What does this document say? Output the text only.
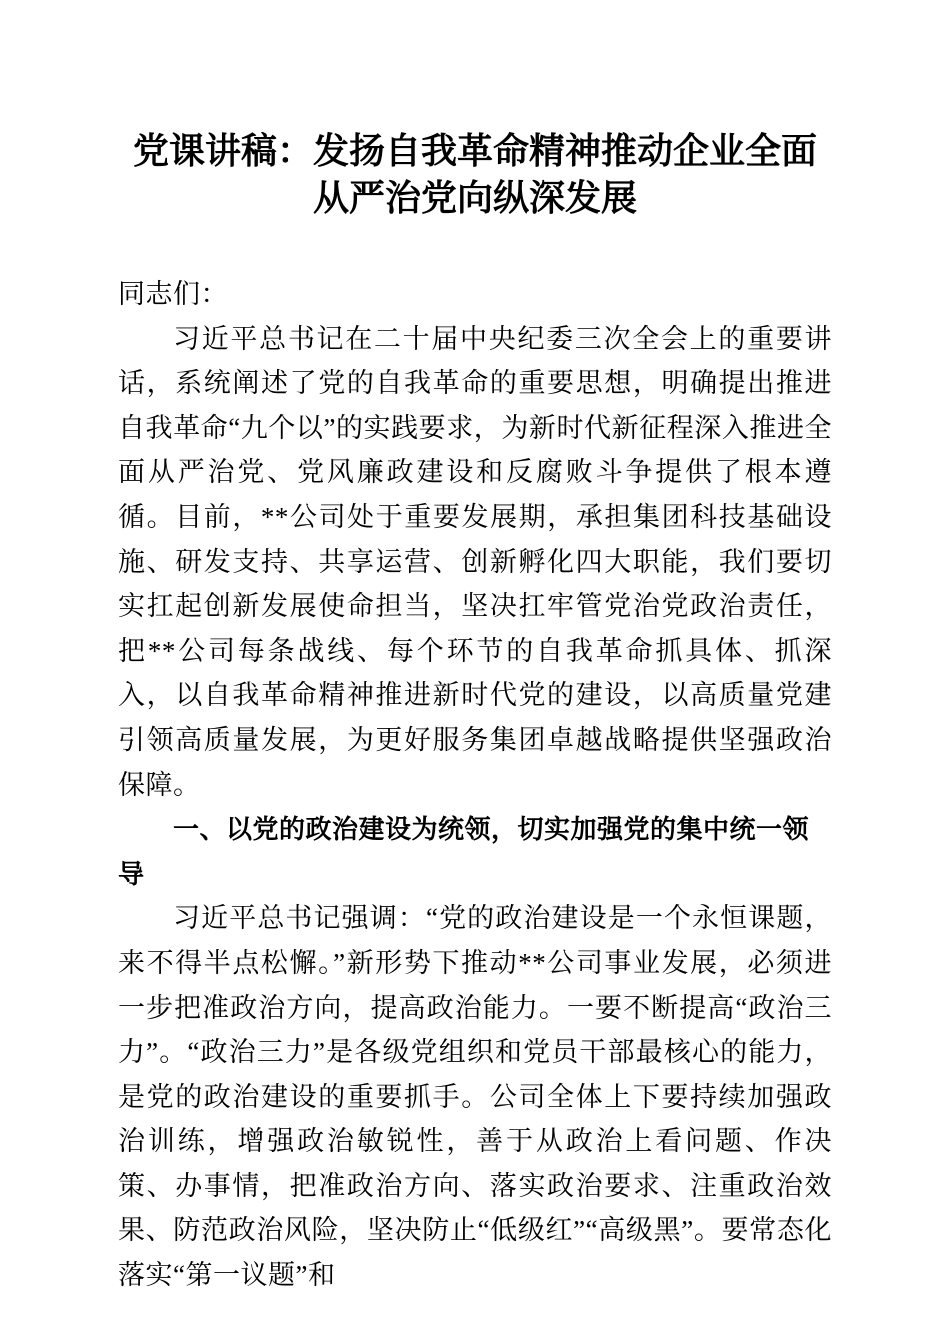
党课讲稿：发扬自我革命精神推动企业全面从严治党向纵深发展

同志们：

习近平总书记在二十届中央纪委三次全会上的重要讲话，系统阐述了党的自我革命的重要思想，明确提出推进自我革命“九个以”的实践要求，为新时代新征程深入推进全面从严治党、党风廉政建设和反腐败斗争提供了根本遵循。目前，**公司处于重要发展期，承担集团科技基础设施、研发支持、共享运营、创新孵化四大职能，我们要切实扛起创新发展使命担当，坚决扛牢管党治党政治责任，把**公司每条战线、每个环节的自我革命抓具体、抓深入，以自我革命精神推进新时代党的建设，以高质量党建引领高质量发展，为更好服务集团卓越战略提供坚强政治保障。

一、以党的政治建设为统领，切实加强党的集中统一领导

习近平总书记强调：“党的政治建设是一个永恒课题，来不得半点松懈。”新形势下推动**公司事业发展，必须进一步把准政治方向，提高政治能力。一要不断提高“政治三力”。“政治三力”是各级党组织和党员干部最核心的能力，是党的政治建设的重要抓手。公司全体上下要持续加强政治训练，增强政治敏锐性，善于从政治上看问题、作决策、办事情，把准政治方向、落实政治要求、注重政治效果、防范政治风险，坚决防止“低级红”“高级黑”。要常态化落实“第一议题”和
